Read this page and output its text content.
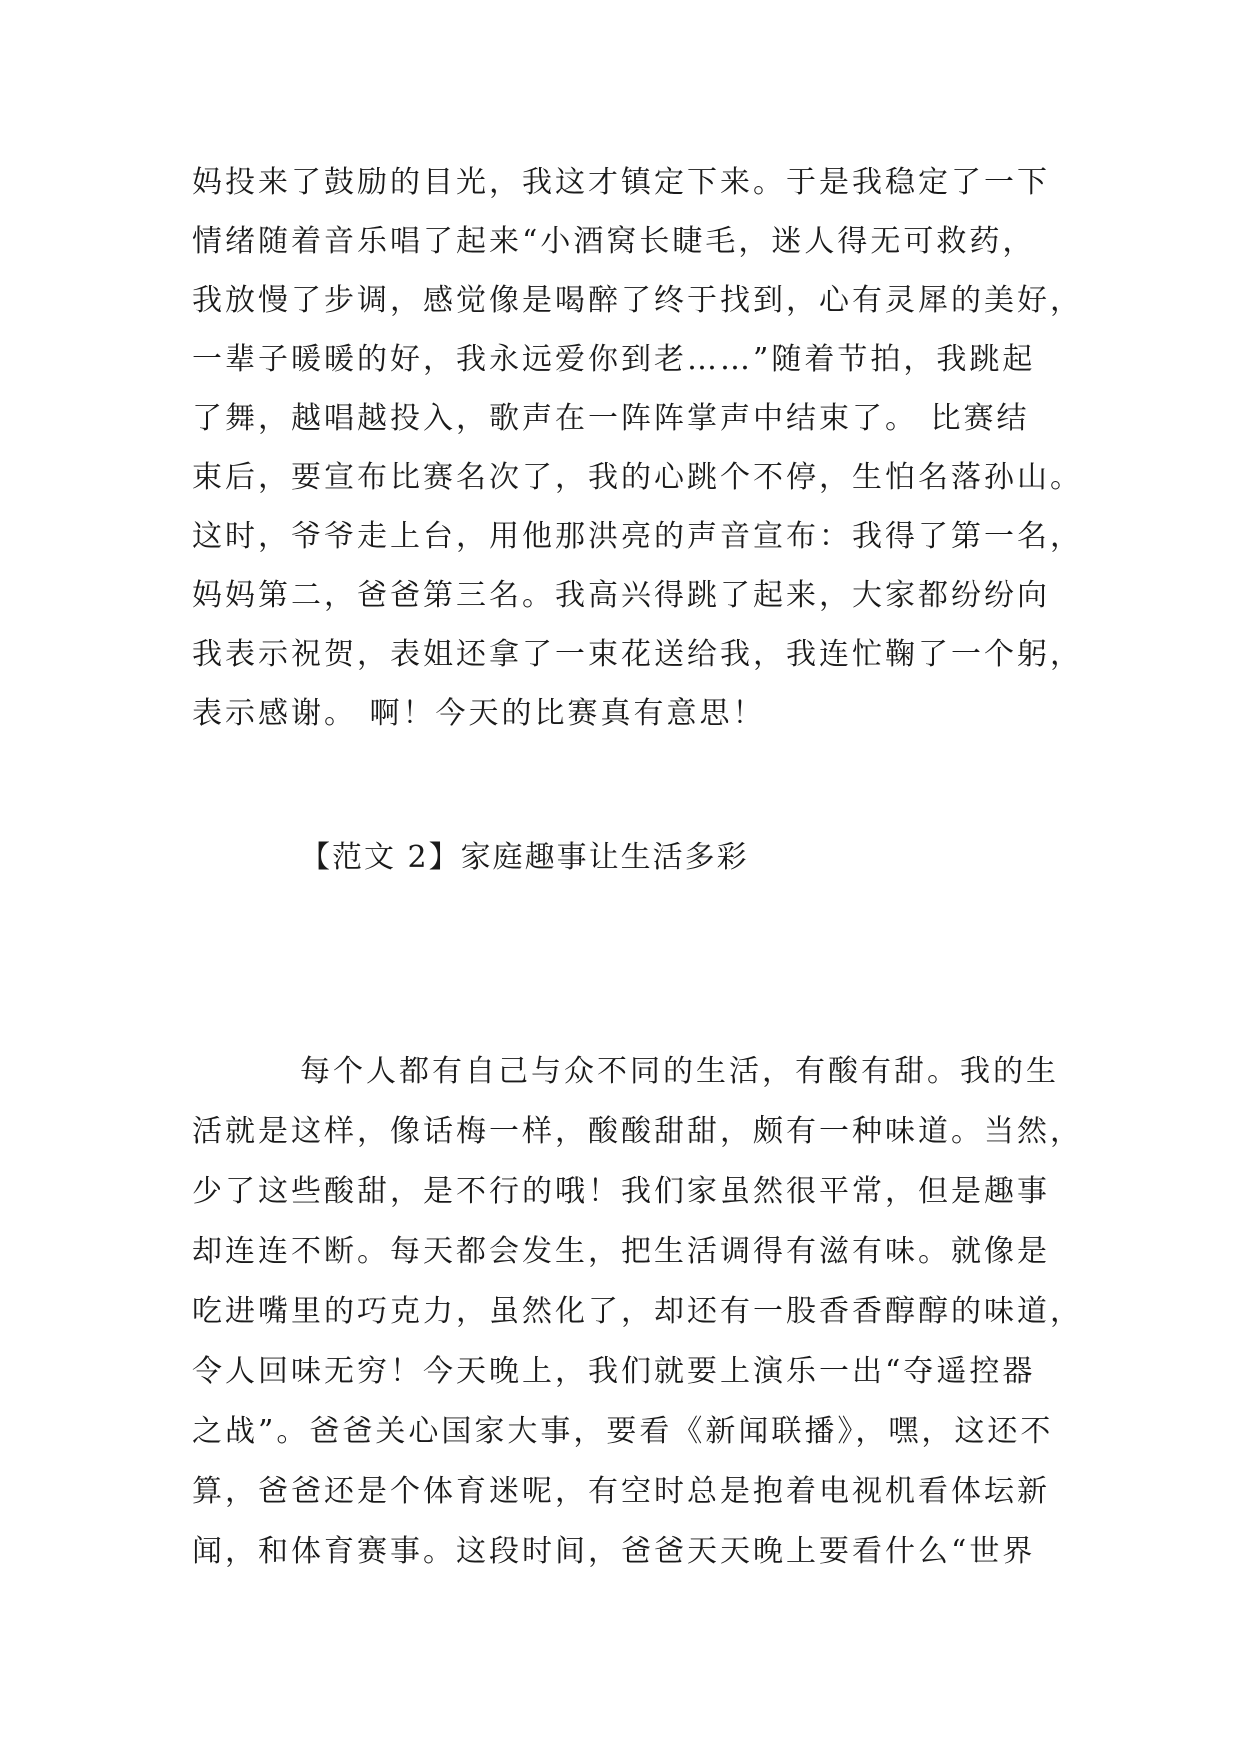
妈投来了鼓励的目光，我这才镇定下来。于是我稳定了一下
情绪随着音乐唱了起来“小酒窝长睫毛，迷人得无可救药，
我放慢了步调，感觉像是喝醉了终于找到，心有灵犀的美好，
一辈子暖暖的好，我永远爱你到老……”随着节拍，我跳起
了舞，越唱越投入，歌声在一阵阵掌声中结束了。 比赛结
束后，要宣布比赛名次了，我的心跳个不停，生怕名落孙山。
这时，爷爷走上台，用他那洪亮的声音宣布：我得了第一名，
妈妈第二，爸爸第三名。我高兴得跳了起来，大家都纷纷向
我表示祝贺，表姐还拿了一束花送给我，我连忙鞠了一个躬，
表示感谢。 啊！今天的比赛真有意思！
【范文 2】家庭趣事让生活多彩
每个人都有自己与众不同的生活，有酸有甜。我的生
活就是这样，像话梅一样，酸酸甜甜，颇有一种味道。当然，
少了这些酸甜，是不行的哦！我们家虽然很平常，但是趣事
却连连不断。每天都会发生，把生活调得有滋有味。就像是
吃进嘴里的巧克力，虽然化了，却还有一股香香醇醇的味道，
令人回味无穷！今天晚上，我们就要上演乐一出“夺遥控器
之战”。爸爸关心国家大事，要看《新闻联播》，嘿，这还不
算，爸爸还是个体育迷呢，有空时总是抱着电视机看体坛新
闻，和体育赛事。这段时间，爸爸天天晚上要看什么“世界
